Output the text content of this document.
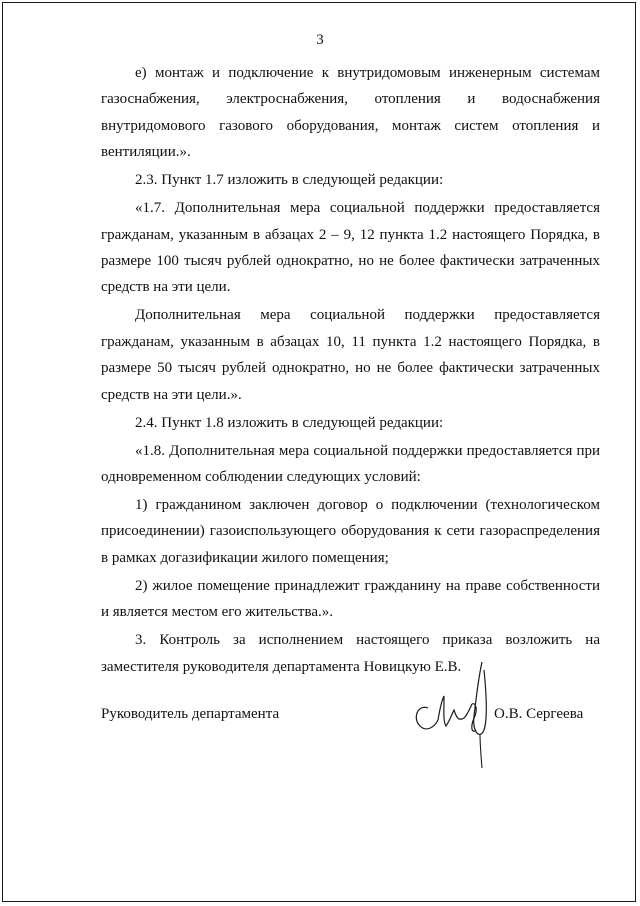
3

е) монтаж и подключение к внутридомовым инженерным системам газоснабжения, электроснабжения, отопления и водоснабжения внутридомового газового оборудования, монтаж систем отопления и вентиляции.».

2.3. Пункт 1.7 изложить в следующей редакции:

«1.7. Дополнительная мера социальной поддержки предоставляется гражданам, указанным в абзацах 2 – 9, 12 пункта 1.2 настоящего Порядка, в размере 100 тысяч рублей однократно, но не более фактически затраченных средств на эти цели.

Дополнительная мера социальной поддержки предоставляется гражданам, указанным в абзацах 10, 11 пункта 1.2 настоящего Порядка, в размере 50 тысяч рублей однократно, но не более фактически затраченных средств на эти цели.».

2.4. Пункт 1.8 изложить в следующей редакции:

«1.8. Дополнительная мера социальной поддержки предоставляется при одновременном соблюдении следующих условий:

1) гражданином заключен договор о подключении (технологическом присоединении) газоиспользующего оборудования к сети газораспределения в рамках догазификации жилого помещения;

2) жилое помещение принадлежит гражданину на праве собственности и является местом его жительства.».

3. Контроль за исполнением настоящего приказа возложить на заместителя руководителя департамента Новицкую Е.В.

Руководитель департамента	О.В. Сергеева
